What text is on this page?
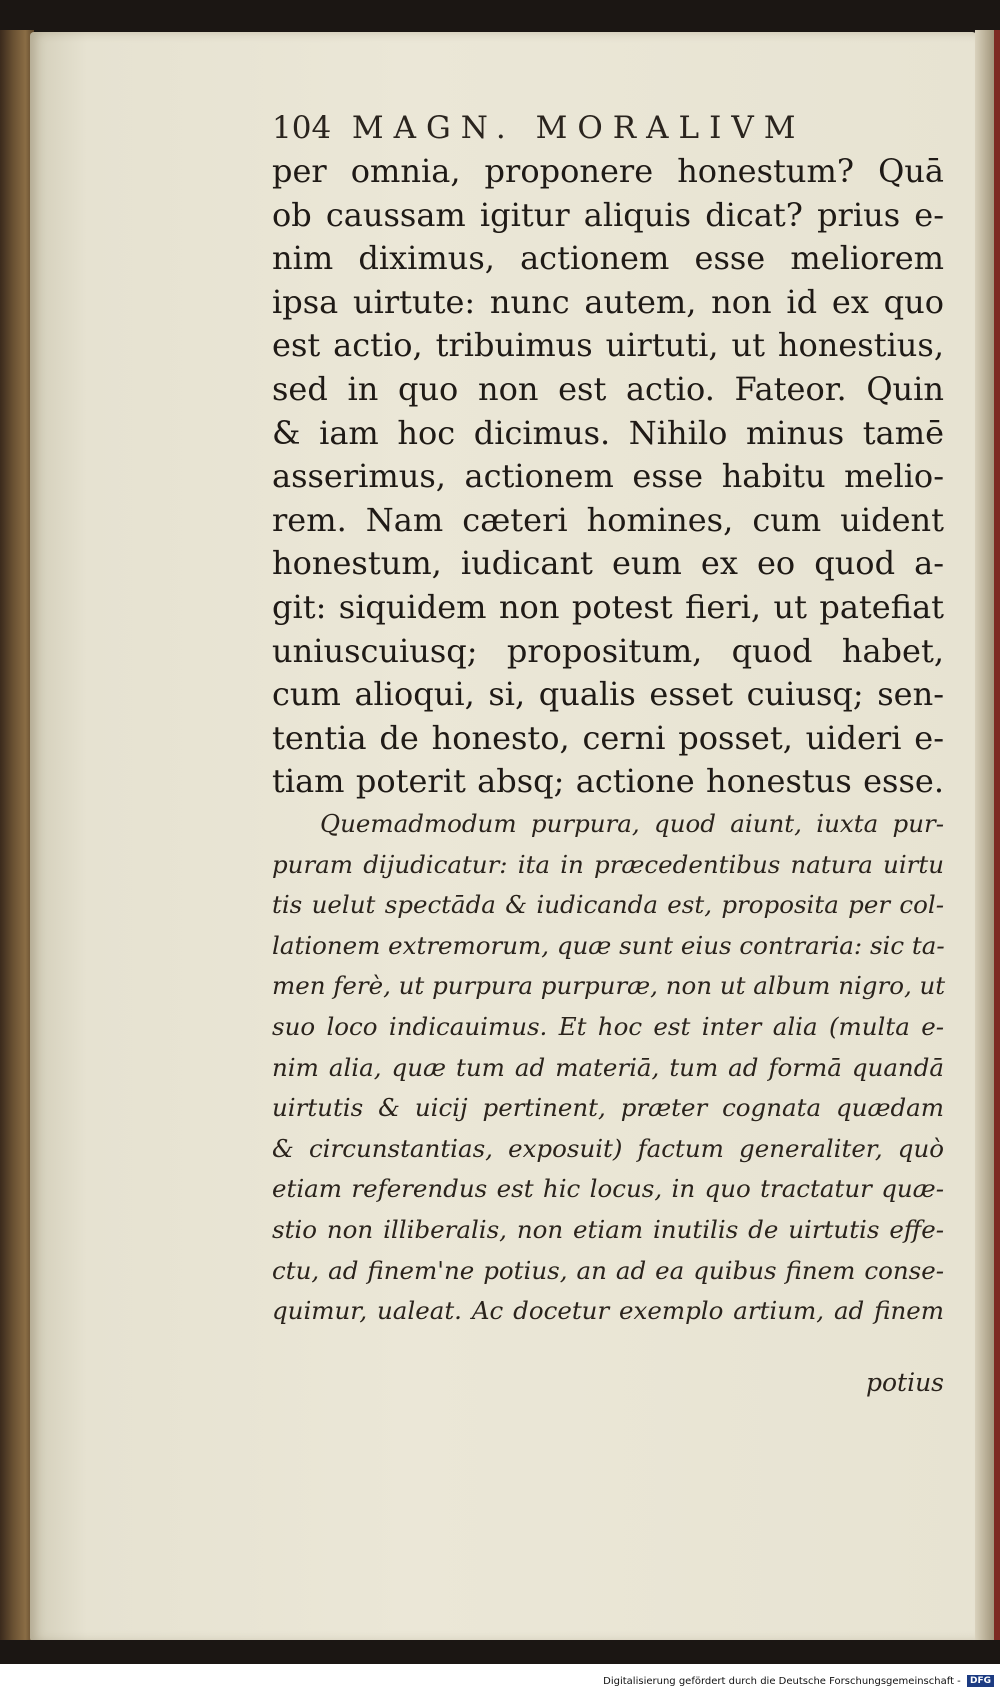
104 MAGN. MORALIVM
per omnia, proponere honestum? Quā
ob caussam igitur aliquis dicat? prius e-
nim diximus, actionem esse meliorem
ipsa uirtute: nunc autem, non id ex quo
est actio, tribuimus uirtuti, ut honestius,
sed in quo non est actio. Fateor. Quin
& iam hoc dicimus. Nihilo minus tamē
asserimus, actionem esse habitu melio-
rem. Nam cæteri homines, cum uident
honestum, iudicant eum ex eo quod a-
git: siquidem non potest fieri, ut patefiat
uniuscuiusq; propositum, quod habet,
cum alioqui, si, qualis esset cuiusq; sen-
tentia de honesto, cerni posset, uideri e-
tiam poterit absq; actione honestus esse.
Quemadmodum purpura, quod aiunt, iuxta pur-
puram dijudicatur: ita in præcedentibus natura uirtu
tis uelut spectāda & iudicanda est, proposita per col-
lationem extremorum, quæ sunt eius contraria: sic ta-
men ferè, ut purpura purpuræ, non ut album nigro, ut
suo loco indicauimus. Et hoc est inter alia (multa e-
nim alia, quæ tum ad materiā, tum ad formā quandā
uirtutis & uicij pertinent, præter cognata quædam
& circunstantias, exposuit) factum generaliter, quò
etiam referendus est hic locus, in quo tractatur quæ-
stio non illiberalis, non etiam inutilis de uirtutis effe-
ctu, ad finem'ne potius, an ad ea quibus finem conse-
quimur, ualeat. Ac docetur exemplo artium, ad finem
potius
Digitalisierung gefördert durch die Deutsche Forschungsgemeinschaft - DFG
